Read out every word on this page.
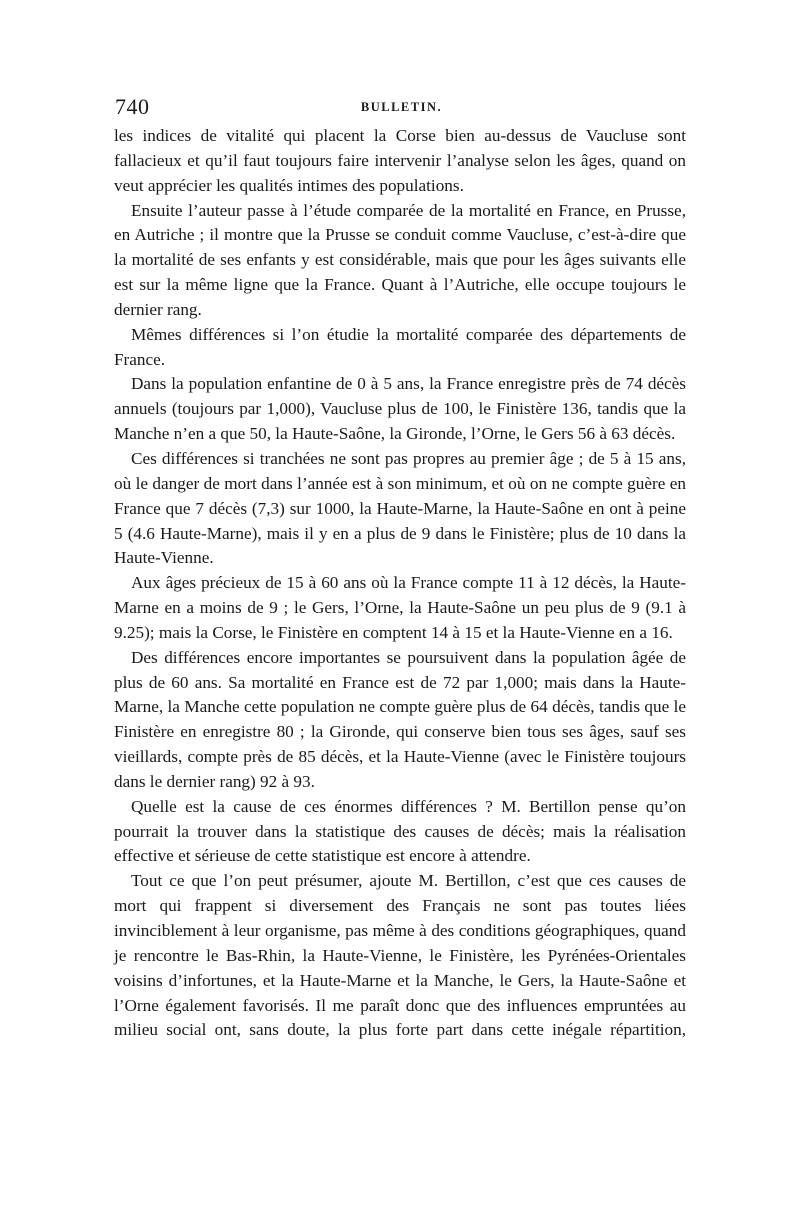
740	BULLETIN.

les indices de vitalité qui placent la Corse bien au-dessus de Vaucluse sont fallacieux et qu’il faut toujours faire intervenir l’analyse selon les âges, quand on veut apprécier les qualités intimes des populations.

Ensuite l’auteur passe à l’étude comparée de la mortalité en France, en Prusse, en Autriche ; il montre que la Prusse se conduit comme Vaucluse, c’est-à-dire que la mortalité de ses enfants y est considérable, mais que pour les âges suivants elle est sur la même ligne que la France. Quant à l’Autriche, elle occupe toujours le dernier rang.

Mêmes différences si l’on étudie la mortalité comparée des départements de France.

Dans la population enfantine de 0 à 5 ans, la France enregistre près de 74 décès annuels (toujours par 1,000), Vaucluse plus de 100, le Finistère 136, tandis que la Manche n’en a que 50, la Haute-Saône, la Gironde, l’Orne, le Gers 56 à 63 décès.

Ces différences si tranchées ne sont pas propres au premier âge ; de 5 à 15 ans, où le danger de mort dans l’année est à son minimum, et où on ne compte guère en France que 7 décès (7,3) sur 1000, la Haute-Marne, la Haute-Saône en ont à peine 5 (4.6 Haute-Marne), mais il y en a plus de 9 dans le Finistère; plus de 10 dans la Haute-Vienne.

Aux âges précieux de 15 à 60 ans où la France compte 11 à 12 décès, la Haute-Marne en a moins de 9 ; le Gers, l’Orne, la Haute-Saône un peu plus de 9 (9.1 à 9.25); mais la Corse, le Finistère en comptent 14 à 15 et la Haute-Vienne en a 16.

Des différences encore importantes se poursuivent dans la population âgée de plus de 60 ans. Sa mortalité en France est de 72 par 1,000; mais dans la Haute-Marne, la Manche cette population ne compte guère plus de 64 décès, tandis que le Finistère en enregistre 80 ; la Gironde, qui conserve bien tous ses âges, sauf ses vieillards, compte près de 85 décès, et la Haute-Vienne (avec le Finistère toujours dans le dernier rang) 92 à 93.

Quelle est la cause de ces énormes différences ? M. Bertillon pense qu’on pourrait la trouver dans la statistique des causes de décès; mais la réalisation effective et sérieuse de cette statistique est encore à attendre.

Tout ce que l’on peut présumer, ajoute M. Bertillon, c’est que ces causes de mort qui frappent si diversement des Français ne sont pas toutes liées invinciblement à leur organisme, pas même à des conditions géographiques, quand je rencontre le Bas-Rhin, la Haute-Vienne, le Finistère, les Pyrénées-Orientales voisins d’infortunes, et la Haute-Marne et la Manche, le Gers, la Haute-Saône et l’Orne également favorisés. Il me paraît donc que des influences empruntées au milieu social ont, sans doute, la plus forte part dans cette inégale répartition,
